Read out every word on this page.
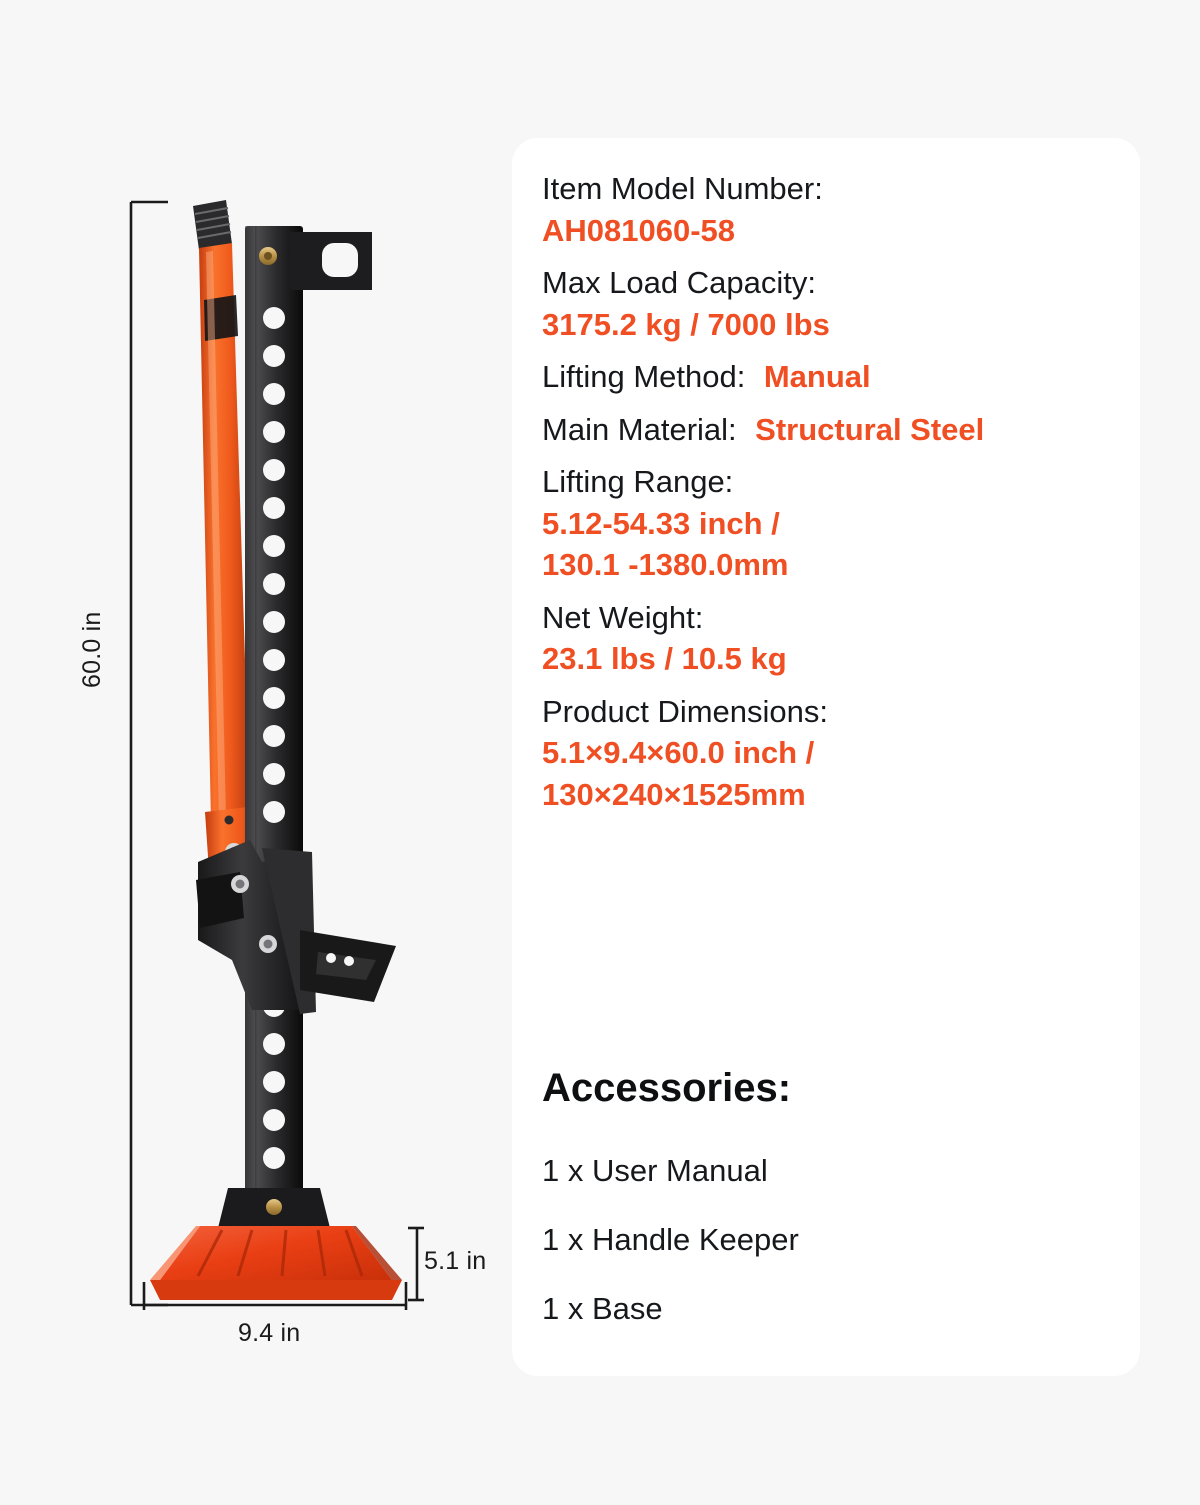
60.0 in
9.4 in
5.1 in
Item Model Number:
AH081060-58
Max Load Capacity:
3175.2 kg / 7000 lbs
Lifting Method: Manual
Main Material: Structural Steel
Lifting Range:
5.12-54.33 inch /
130.1 -1380.0mm
Net Weight:
23.1 lbs / 10.5 kg
Product Dimensions:
5.1×9.4×60.0 inch /
130×240×1525mm
Accessories:
1 x User Manual
1 x Handle Keeper
1 x Base
